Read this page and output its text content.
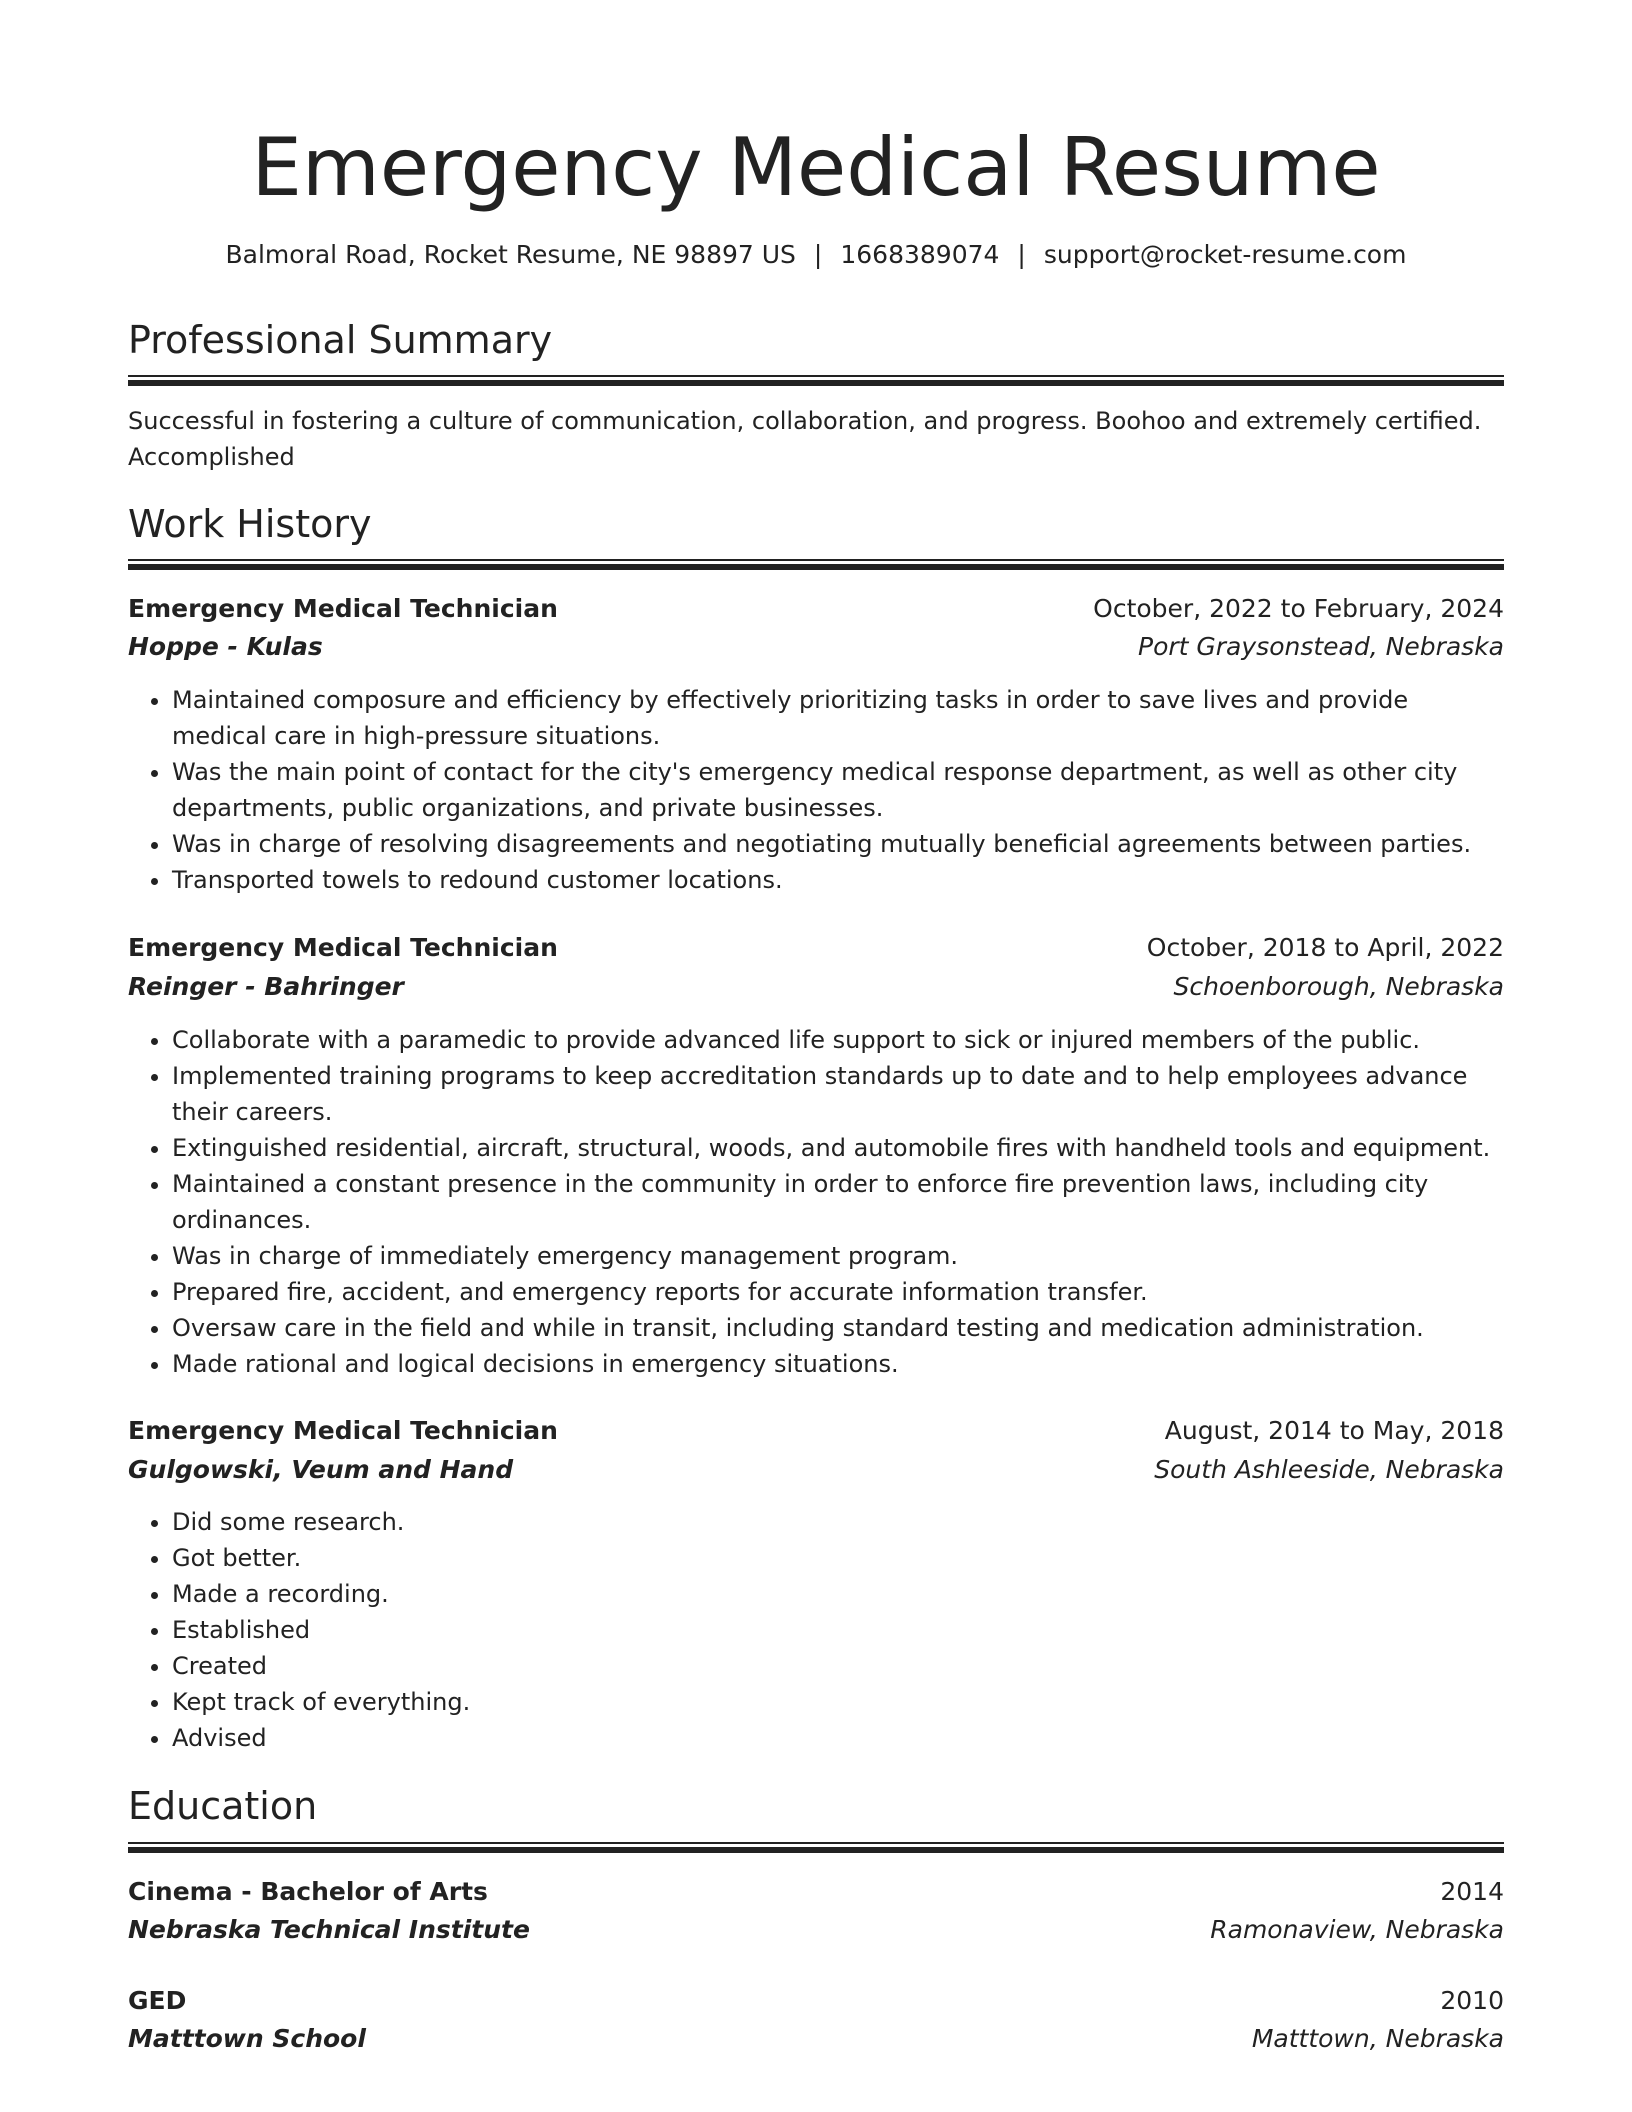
Emergency Medical Resume
Balmoral Road, Rocket Resume, NE 98897 US | 1668389074 | support@rocket-resume.com
Professional Summary
Successful in fostering a culture of communication, collaboration, and progress. Boohoo and extremely certified. Accomplished
Work History
Emergency Medical Technician	October, 2022 to February, 2024
Hoppe - Kulas	Port Graysonstead, Nebraska
• Maintained composure and efficiency by effectively prioritizing tasks in order to save lives and provide medical care in high-pressure situations.
• Was the main point of contact for the city's emergency medical response department, as well as other city departments, public organizations, and private businesses.
• Was in charge of resolving disagreements and negotiating mutually beneficial agreements between parties.
• Transported towels to redound customer locations.
Emergency Medical Technician	October, 2018 to April, 2022
Reinger - Bahringer	Schoenborough, Nebraska
• Collaborate with a paramedic to provide advanced life support to sick or injured members of the public.
• Implemented training programs to keep accreditation standards up to date and to help employees advance their careers.
• Extinguished residential, aircraft, structural, woods, and automobile fires with handheld tools and equipment.
• Maintained a constant presence in the community in order to enforce fire prevention laws, including city ordinances.
• Was in charge of immediately emergency management program.
• Prepared fire, accident, and emergency reports for accurate information transfer.
• Oversaw care in the field and while in transit, including standard testing and medication administration.
• Made rational and logical decisions in emergency situations.
Emergency Medical Technician	August, 2014 to May, 2018
Gulgowski, Veum and Hand	South Ashleeside, Nebraska
• Did some research.
• Got better.
• Made a recording.
• Established
• Created
• Kept track of everything.
• Advised
Education
Cinema - Bachelor of Arts	2014
Nebraska Technical Institute	Ramonaview, Nebraska
GED	2010
Matttown School	Matttown, Nebraska
